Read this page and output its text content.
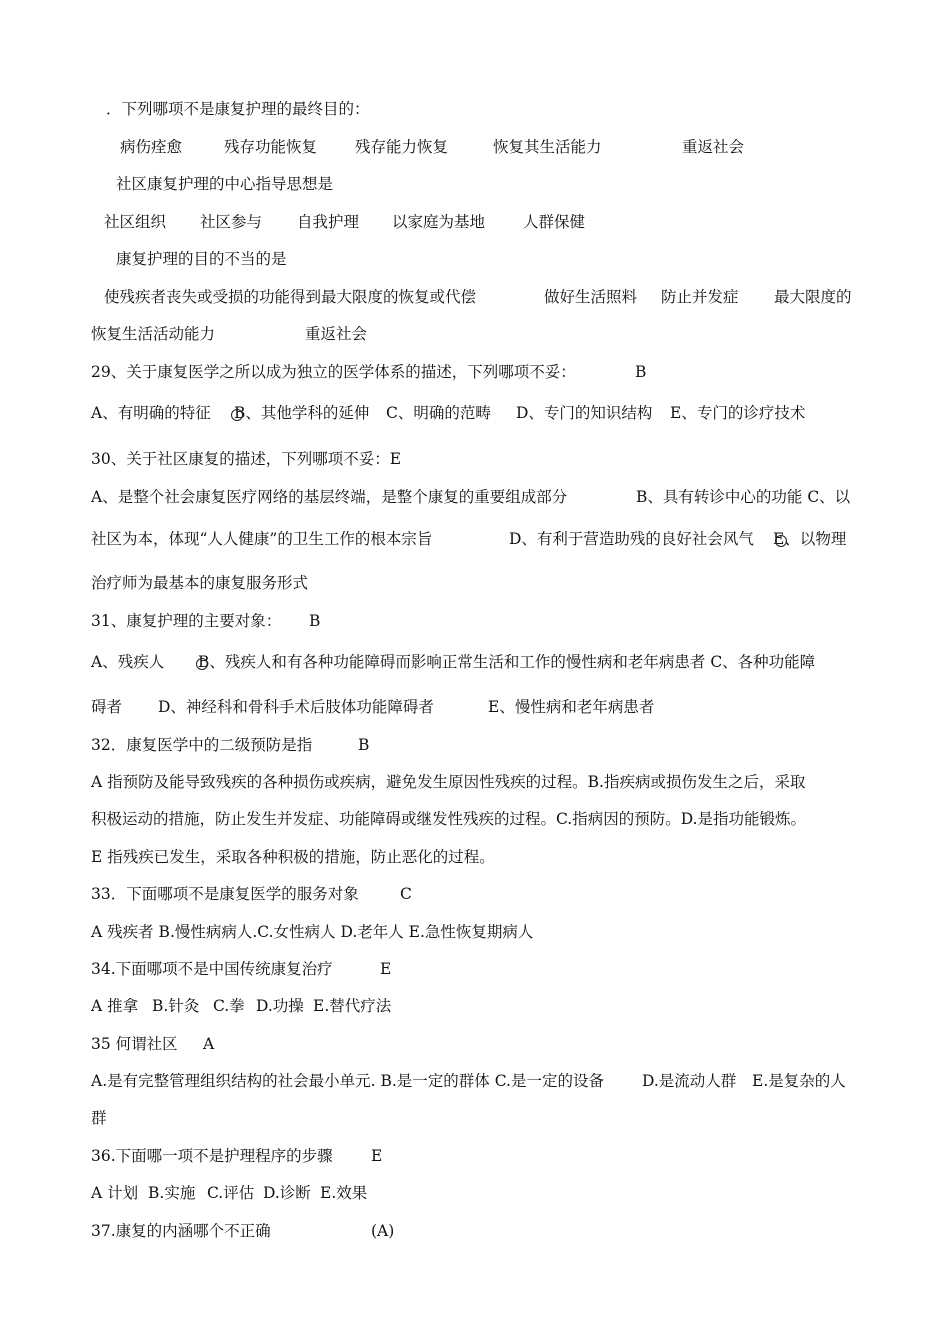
．下列哪项不是康复护理的最终目的：
病伤痊愈	残存功能恢复 残存能力恢复	恢复其生活能力	重返社会
社区康复护理的中心指导思想是
社区组织 社区参与 自我护理 以家庭为基地 人群保健
康复护理的目的不当的是
使残疾者丧失或受损的功能得到最大限度的恢复或代偿	做好生活照料 防止并发症 最大限度的
恢复生活活动能力	重返社会
29、关于康复医学之所以成为独立的医学体系的描述，下列哪项不妥：	B
A、有明确的特征 B、其他学科的延伸 C、明确的范畴 D、专门的知识结构 E、专门的诊疗技术
30、关于社区康复的描述，下列哪项不妥：E
A、是整个社会康复医疗网络的基层终端，是整个康复的重要组成部分	B、具有转诊中心的功能 C、以
社区为本，体现“人人健康”的卫生工作的根本宗旨	D、有利于营造助残的良好社会风气 E、以物理
治疗师为最基本的康复服务形式
31、康复护理的主要对象： B
A、残疾人 B、残疾人和有各种功能障碍而影响正常生活和工作的慢性病和老年病患者 C、各种功能障
碍者 D、神经科和骨科手术后肢体功能障碍者	E、慢性病和老年病患者
32．康复医学中的二级预防是指	B
A 指预防及能导致残疾的各种损伤或疾病，避免发生原因性残疾的过程。B.指疾病或损伤发生之后，采取
积极运动的措施，防止发生并发症、功能障碍或继发性残疾的过程。C.指病因的预防。D.是指功能锻炼。
E 指残疾已发生，采取各种积极的措施，防止恶化的过程。
33．下面哪项不是康复医学的服务对象	C
A 残疾者 B.慢性病病人.C.女性病人 D.老年人 E.急性恢复期病人
34.下面哪项不是中国传统康复治疗	E
A 推拿 B.针灸 C.拳 D.功操 E.替代疗法
35 何谓社区 A
A.是有完整管理组织结构的社会最小单元. B.是一定的群体 C.是一定的设备 D.是流动人群 E.是复杂的人
群
36.下面哪一项不是护理程序的步骤 E
A 计划 B.实施 C.评估 D.诊断 E.效果
37.康复的内涵哪个不正确	(A)
